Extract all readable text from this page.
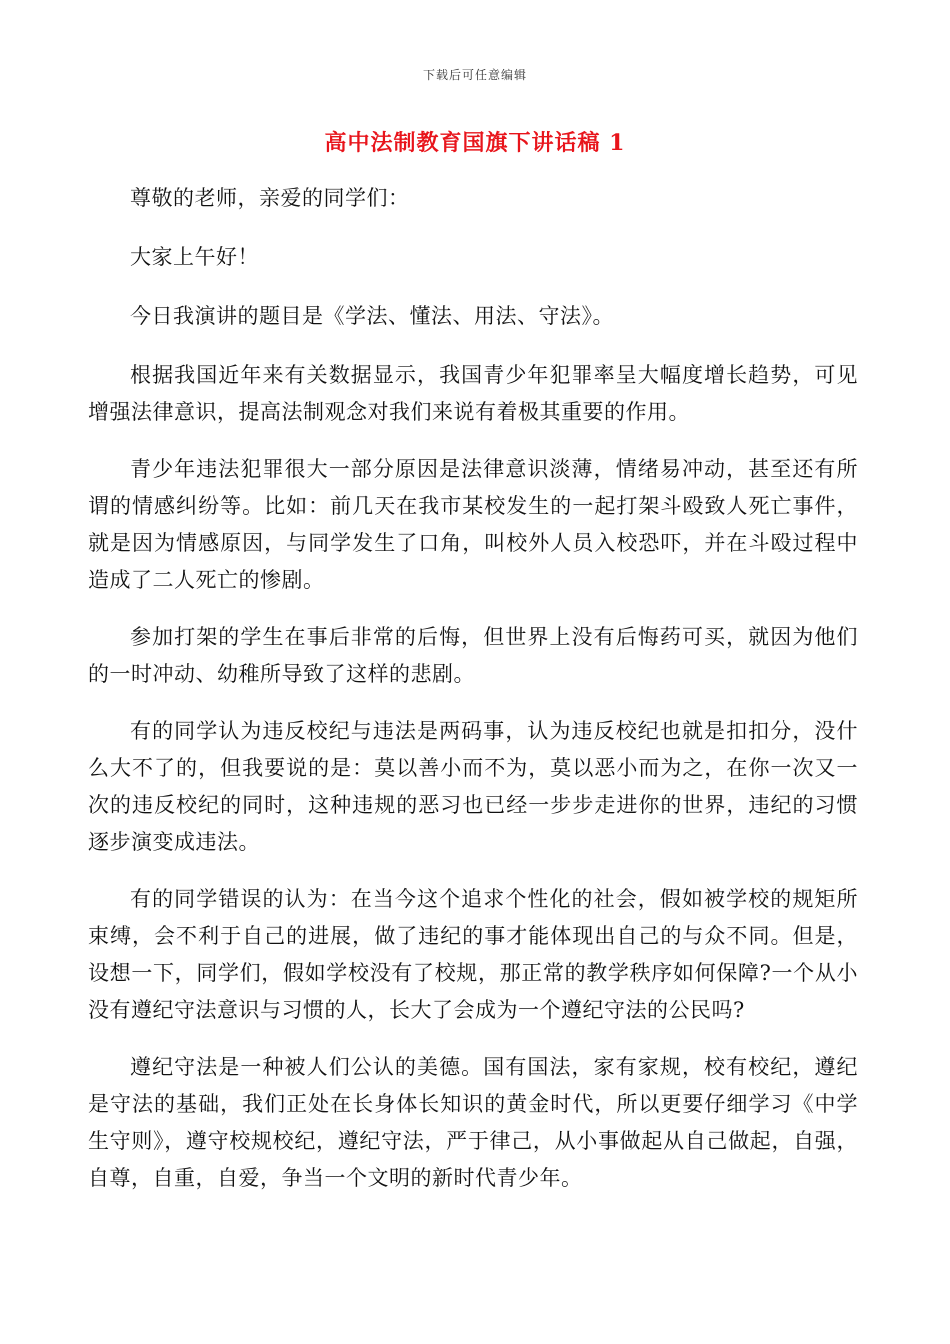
下载后可任意编辑
高中法制教育国旗下讲话稿 1

尊敬的老师，亲爱的同学们：

大家上午好！

今日我演讲的题目是《学法、懂法、用法、守法》。

根据我国近年来有关数据显示，我国青少年犯罪率呈大幅度增长趋势，可见增强法律意识，提高法制观念对我们来说有着极其重要的作用。

青少年违法犯罪很大一部分原因是法律意识淡薄，情绪易冲动，甚至还有所谓的情感纠纷等。比如：前几天在我市某校发生的一起打架斗殴致人死亡事件，就是因为情感原因，与同学发生了口角，叫校外人员入校恐吓，并在斗殴过程中造成了二人死亡的惨剧。

参加打架的学生在事后非常的后悔，但世界上没有后悔药可买，就因为他们的一时冲动、幼稚所导致了这样的悲剧。

有的同学认为违反校纪与违法是两码事，认为违反校纪也就是扣扣分，没什么大不了的，但我要说的是：莫以善小而不为，莫以恶小而为之，在你一次又一次的违反校纪的同时，这种违规的恶习也已经一步步走进你的世界，违纪的习惯逐步演变成违法。

有的同学错误的认为：在当今这个追求个性化的社会，假如被学校的规矩所束缚，会不利于自己的进展，做了违纪的事才能体现出自己的与众不同。但是，设想一下，同学们，假如学校没有了校规，那正常的教学秩序如何保障?一个从小没有遵纪守法意识与习惯的人，长大了会成为一个遵纪守法的公民吗?

遵纪守法是一种被人们公认的美德。国有国法，家有家规，校有校纪，遵纪是守法的基础，我们正处在长身体长知识的黄金时代，所以更要仔细学习《中学生守则》，遵守校规校纪，遵纪守法，严于律己，从小事做起从自己做起，自强，自尊，自重，自爱，争当一个文明的新时代青少年。
